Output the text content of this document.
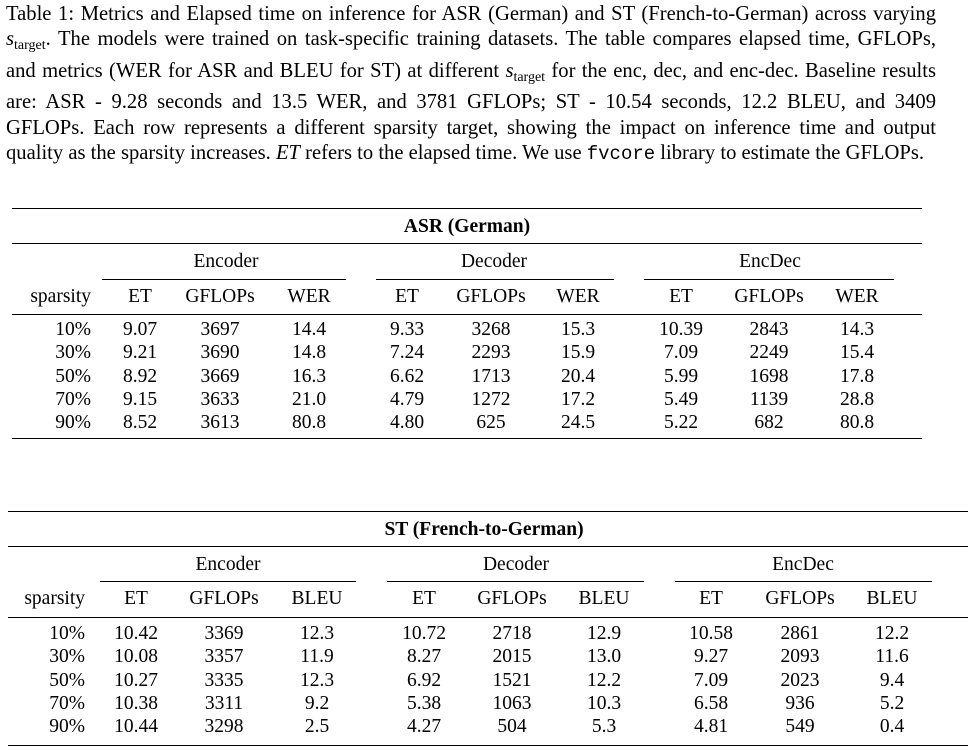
Table 1: Metrics and Elapsed time on inference for ASR (German) and ST (French-to-German) across varying $s_{target}$. The models were trained on task-specific training datasets. The table compares elapsed time, GFLOPs, and metrics (WER for ASR and BLEU for ST) at different $s_{target}$ for the enc, dec, and enc-dec. Baseline results are: ASR - 9.28 seconds and 13.5 WER, and 3781 GFLOPs; ST - 10.54 seconds, 12.2 BLEU, and 3409 GFLOPs. Each row represents a different sparsity target, showing the impact on inference time and output quality as the sparsity increases. ET refers to the elapsed time. We use fvcore library to estimate the GFLOPs.
ASR (German)
Encoder	Decoder	EncDec
sparsity ET GFLOPs WER	ET GFLOPs WER	ET GFLOPs WER
10% 9.07 3697	14.4	9.33 3268	15.3	10.39 2843	14.3
30% 9.21 3690	14.8	7.24 2293	15.9	7.09	2249	15.4
50% 8.92 3669	16.3	6.62 1713	20.4	5.99	1698	17.8
70% 9.15 3633	21.0	4.79 1272	17.2	5.49	1139	28.8
90% 8.52 3613	80.8	4.80	625	24.5	5.22	682	80.8
ST (French-to-German)
Encoder	Decoder	EncDec
sparsity ET GFLOPs BLEU	ET GFLOPs BLEU	ET GFLOPs BLEU
10% 10.42 3369	12.3	10.72 2718	12.9	10.58 2861	12.2
30% 10.08 3357	11.9	8.27	2015	13.0	9.27	2093	11.6
50% 10.27 3335	12.3	6.92	1521	12.2	7.09	2023	9.4
70% 10.38 3311	9.2	5.38	1063	10.3	6.58	936	5.2
90% 10.44 3298	2.5	4.27	504	5.3	4.81	549	0.4
